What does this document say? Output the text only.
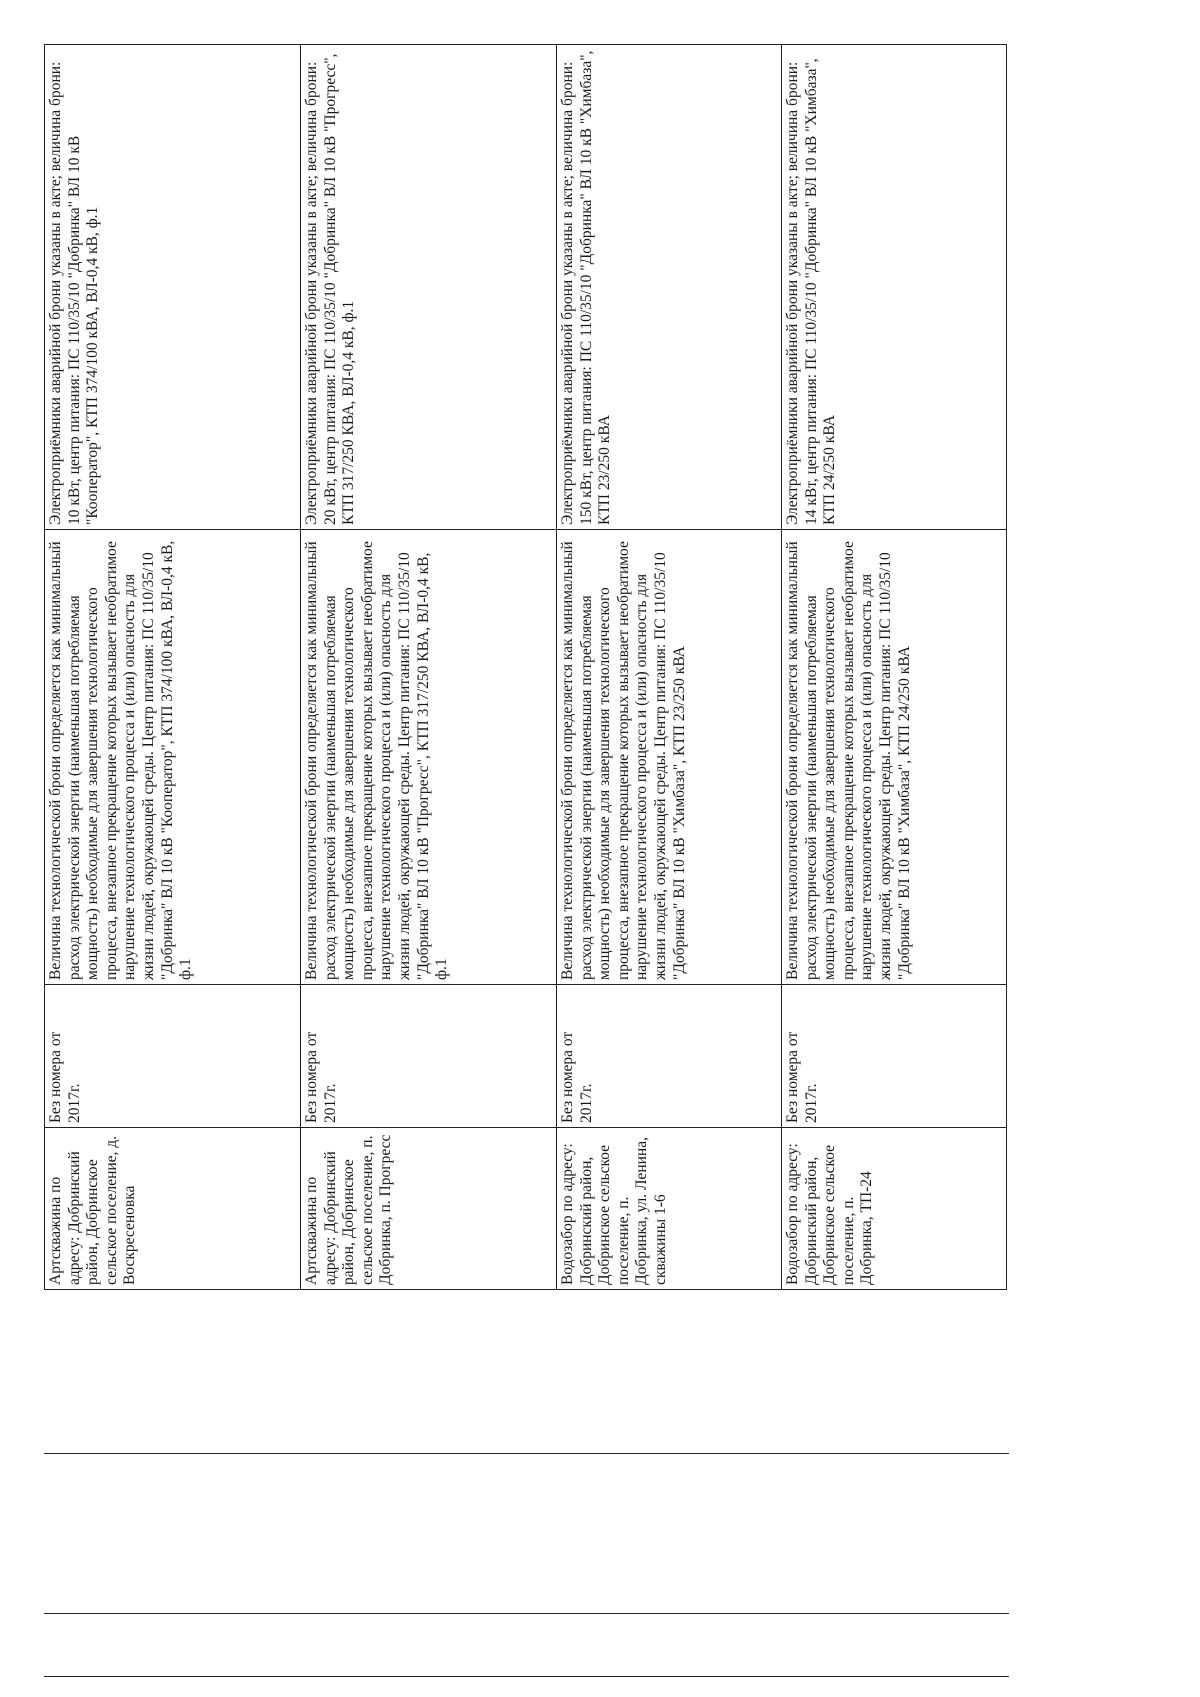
Артскважина по адресу: Добринский район, Добринское сельское поселение, д. Воскресеновка	Без номера от 2017г.	Величина технологической брони определяется как минимальный расход электрической энергии (наименьшая потребляемая мощность) необходимые для завершения технологического процесса, внезапное прекращение которых вызывает необратимое нарушение технологического процесса и (или) опасность для жизни людей, окружающей среды. Центр питания: ПС 110/35/10 "Добринка" ВЛ 10 кВ "Кооператор", КТП 374/100 кВА, ВЛ-0,4 кВ, ф.1	Электроприёмники аварийной брони указаны в акте; величина брони: 10 кВт, центр питания: ПС 110/35/10 "Добринка" ВЛ 10 кВ "Кооператор", КТП 374/100 кВА, ВЛ-0,4 кВ, ф.1
Артскважина по адресу: Добринский район, Добринское сельское поселение, п. Добринка, п. Прогресс	Без номера от 2017г.	Величина технологической брони определяется как минимальный расход электрической энергии (наименьшая потребляемая мощность) необходимые для завершения технологического процесса, внезапное прекращение которых вызывает необратимое нарушение технологического процесса и (или) опасность для жизни людей, окружающей среды. Центр питания: ПС 110/35/10 "Добринка" ВЛ 10 кВ "Прогресс", КТП 317/250 КВА, ВЛ-0,4 кВ, ф.1	Электроприёмники аварийной брони указаны в акте; величина брони: 20 кВт, центр питания: ПС 110/35/10 "Добринка" ВЛ 10 кВ "Прогресс", КТП 317/250 КВА, ВЛ-0,4 кВ, ф.1
Водозабор по адресу: Добринский район, Добринское сельское поселение, п. Добринка, ул. Ленина, скважины 1-6	Без номера от 2017г.	Величина технологической брони определяется как минимальный расход электрической энергии (наименьшая потребляемая мощность) необходимые для завершения технологического процесса, внезапное прекращение которых вызывает необратимое нарушение технологического процесса и (или) опасность для жизни людей, окружающей среды. Центр питания: ПС 110/35/10 "Добринка" ВЛ 10 кВ "Химбаза", КТП 23/250 кВА	Электроприёмники аварийной брони указаны в акте; величина брони: 150 кВт, центр питания: ПС 110/35/10 "Добринка" ВЛ 10 кВ "Химбаза", КТП 23/250 кВА
Водозабор по адресу: Добринский район, Добринское сельское поселение, п. Добринка, ТП-24	Без номера от 2017г.	Величина технологической брони определяется как минимальный расход электрической энергии (наименьшая потребляемая мощность) необходимые для завершения технологического процесса, внезапное прекращение которых вызывает необратимое нарушение технологического процесса и (или) опасность для жизни людей, окружающей среды. Центр питания: ПС 110/35/10 "Добринка" ВЛ 10 кВ "Химбаза", КТП 24/250 кВА	Электроприёмники аварийной брони указаны в акте; величина брони: 14 кВт, центр питания: ПС 110/35/10 "Добринка" ВЛ 10 кВ "Химбаза", КТП 24/250 кВА
